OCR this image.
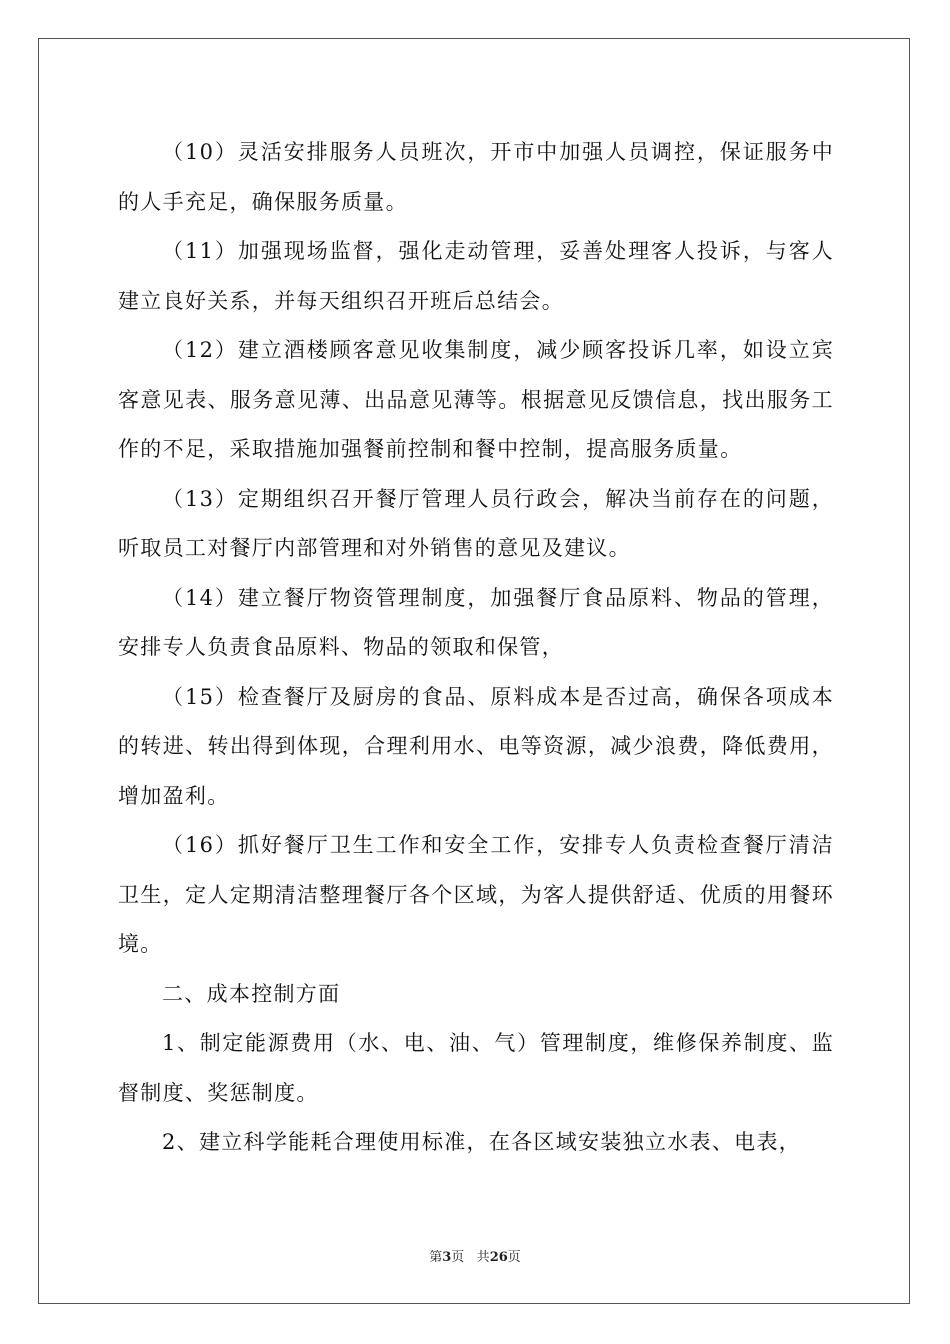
（10）灵活安排服务人员班次，开市中加强人员调控，保证服务中的人手充足，确保服务质量。

（11）加强现场监督，强化走动管理，妥善处理客人投诉，与客人建立良好关系，并每天组织召开班后总结会。

（12）建立酒楼顾客意见收集制度，减少顾客投诉几率，如设立宾客意见表、服务意见薄、出品意见薄等。根据意见反馈信息，找出服务工作的不足，采取措施加强餐前控制和餐中控制，提高服务质量。

（13）定期组织召开餐厅管理人员行政会，解决当前存在的问题，听取员工对餐厅内部管理和对外销售的意见及建议。

（14）建立餐厅物资管理制度，加强餐厅食品原料、物品的管理，安排专人负责食品原料、物品的领取和保管，

（15）检查餐厅及厨房的食品、原料成本是否过高，确保各项成本的转进、转出得到体现，合理利用水、电等资源，减少浪费，降低费用，增加盈利。

（16）抓好餐厅卫生工作和安全工作，安排专人负责检查餐厅清洁卫生，定人定期清洁整理餐厅各个区域，为客人提供舒适、优质的用餐环境。

二、成本控制方面

1、制定能源费用（水、电、油、气）管理制度，维修保养制度、监督制度、奖惩制度。

2、建立科学能耗合理使用标准，在各区域安装独立水表、电表，

第3页 共26页
